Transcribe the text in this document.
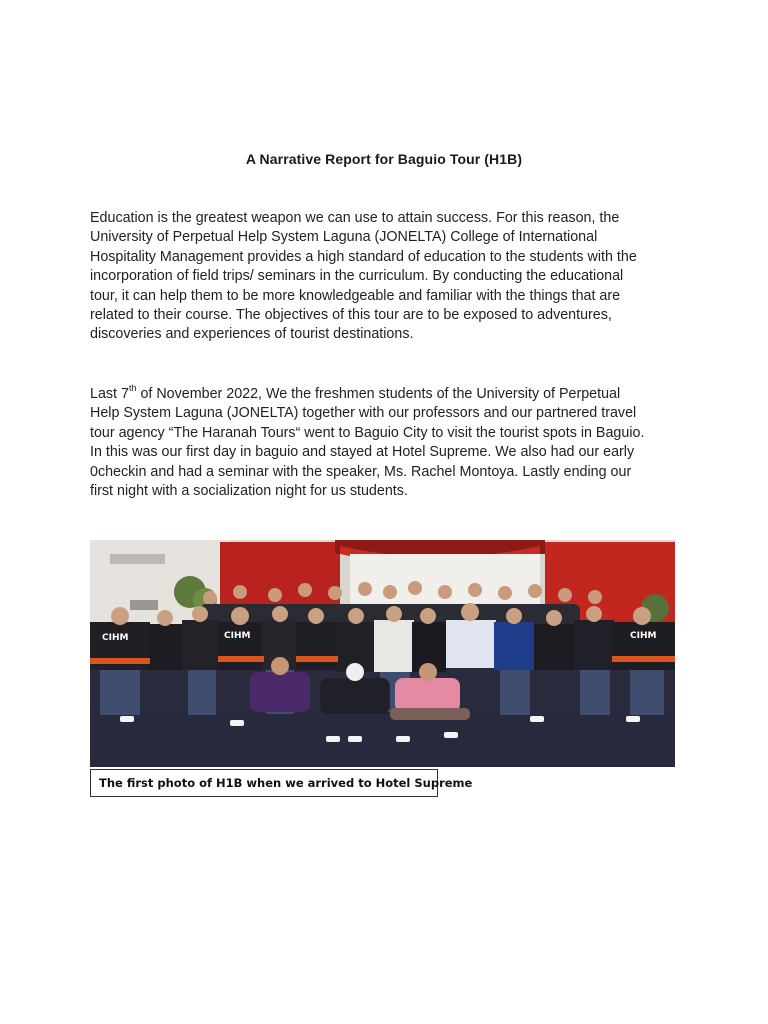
A Narrative Report for Baguio Tour (H1B)
Education is the greatest weapon we can use to attain success. For this reason, the
University of Perpetual Help System Laguna (JONELTA) College of International
Hospitality Management provides a high standard of education to the students with the
incorporation of field trips/ seminars in the curriculum. By conducting the educational
tour, it can help them to be more knowledgeable and familiar with the things that are
related to their course. The objectives of this tour are to be exposed to adventures,
discoveries and experiences of tourist destinations.
Last 7th of November 2022, We the freshmen students of the University of Perpetual
Help System Laguna (JONELTA) together with our professors and our partnered travel
tour agency “The Haranah Tours“ went to Baguio City to visit the tourist spots in Baguio.
In this was our first day in baguio and stayed at Hotel Supreme. We also had our early
0checkin and had a seminar with the speaker, Ms. Rachel Montoya. Lastly ending our
first night with a socialization night for us students.
CIHM	CIHM	CIHM
The first photo of H1B when we arrived to Hotel Supreme
